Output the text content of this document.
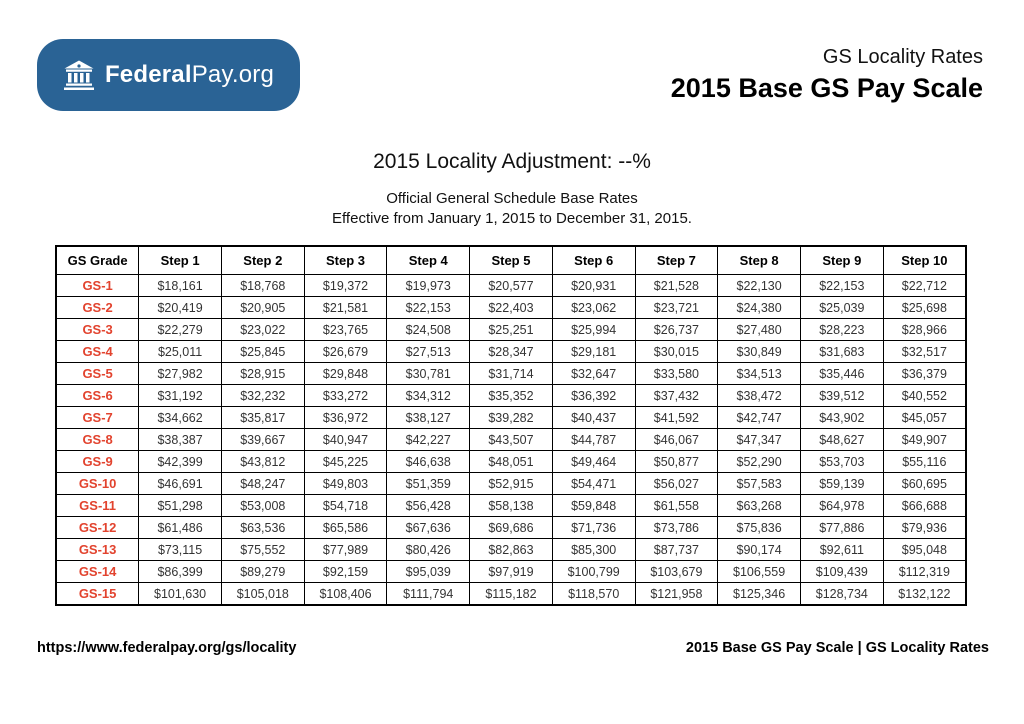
FederalPay.org
GS Locality Rates
2015 Base GS Pay Scale
2015 Locality Adjustment: --%
Official General Schedule Base Rates
Effective from January 1, 2015 to December 31, 2015.
GS Grade	Step 1	Step 2	Step 3	Step 4	Step 5	Step 6	Step 7	Step 8	Step 9	Step 10
GS-1	$18,161	$18,768	$19,372	$19,973	$20,577	$20,931	$21,528	$22,130	$22,153	$22,712
GS-2	$20,419	$20,905	$21,581	$22,153	$22,403	$23,062	$23,721	$24,380	$25,039	$25,698
GS-3	$22,279	$23,022	$23,765	$24,508	$25,251	$25,994	$26,737	$27,480	$28,223	$28,966
GS-4	$25,011	$25,845	$26,679	$27,513	$28,347	$29,181	$30,015	$30,849	$31,683	$32,517
GS-5	$27,982	$28,915	$29,848	$30,781	$31,714	$32,647	$33,580	$34,513	$35,446	$36,379
GS-6	$31,192	$32,232	$33,272	$34,312	$35,352	$36,392	$37,432	$38,472	$39,512	$40,552
GS-7	$34,662	$35,817	$36,972	$38,127	$39,282	$40,437	$41,592	$42,747	$43,902	$45,057
GS-8	$38,387	$39,667	$40,947	$42,227	$43,507	$44,787	$46,067	$47,347	$48,627	$49,907
GS-9	$42,399	$43,812	$45,225	$46,638	$48,051	$49,464	$50,877	$52,290	$53,703	$55,116
GS-10	$46,691	$48,247	$49,803	$51,359	$52,915	$54,471	$56,027	$57,583	$59,139	$60,695
GS-11	$51,298	$53,008	$54,718	$56,428	$58,138	$59,848	$61,558	$63,268	$64,978	$66,688
GS-12	$61,486	$63,536	$65,586	$67,636	$69,686	$71,736	$73,786	$75,836	$77,886	$79,936
GS-13	$73,115	$75,552	$77,989	$80,426	$82,863	$85,300	$87,737	$90,174	$92,611	$95,048
GS-14	$86,399	$89,279	$92,159	$95,039	$97,919	$100,799	$103,679	$106,559	$109,439	$112,319
GS-15	$101,630	$105,018	$108,406	$111,794	$115,182	$118,570	$121,958	$125,346	$128,734	$132,122
https://www.federalpay.org/gs/locality	2015 Base GS Pay Scale | GS Locality Rates
